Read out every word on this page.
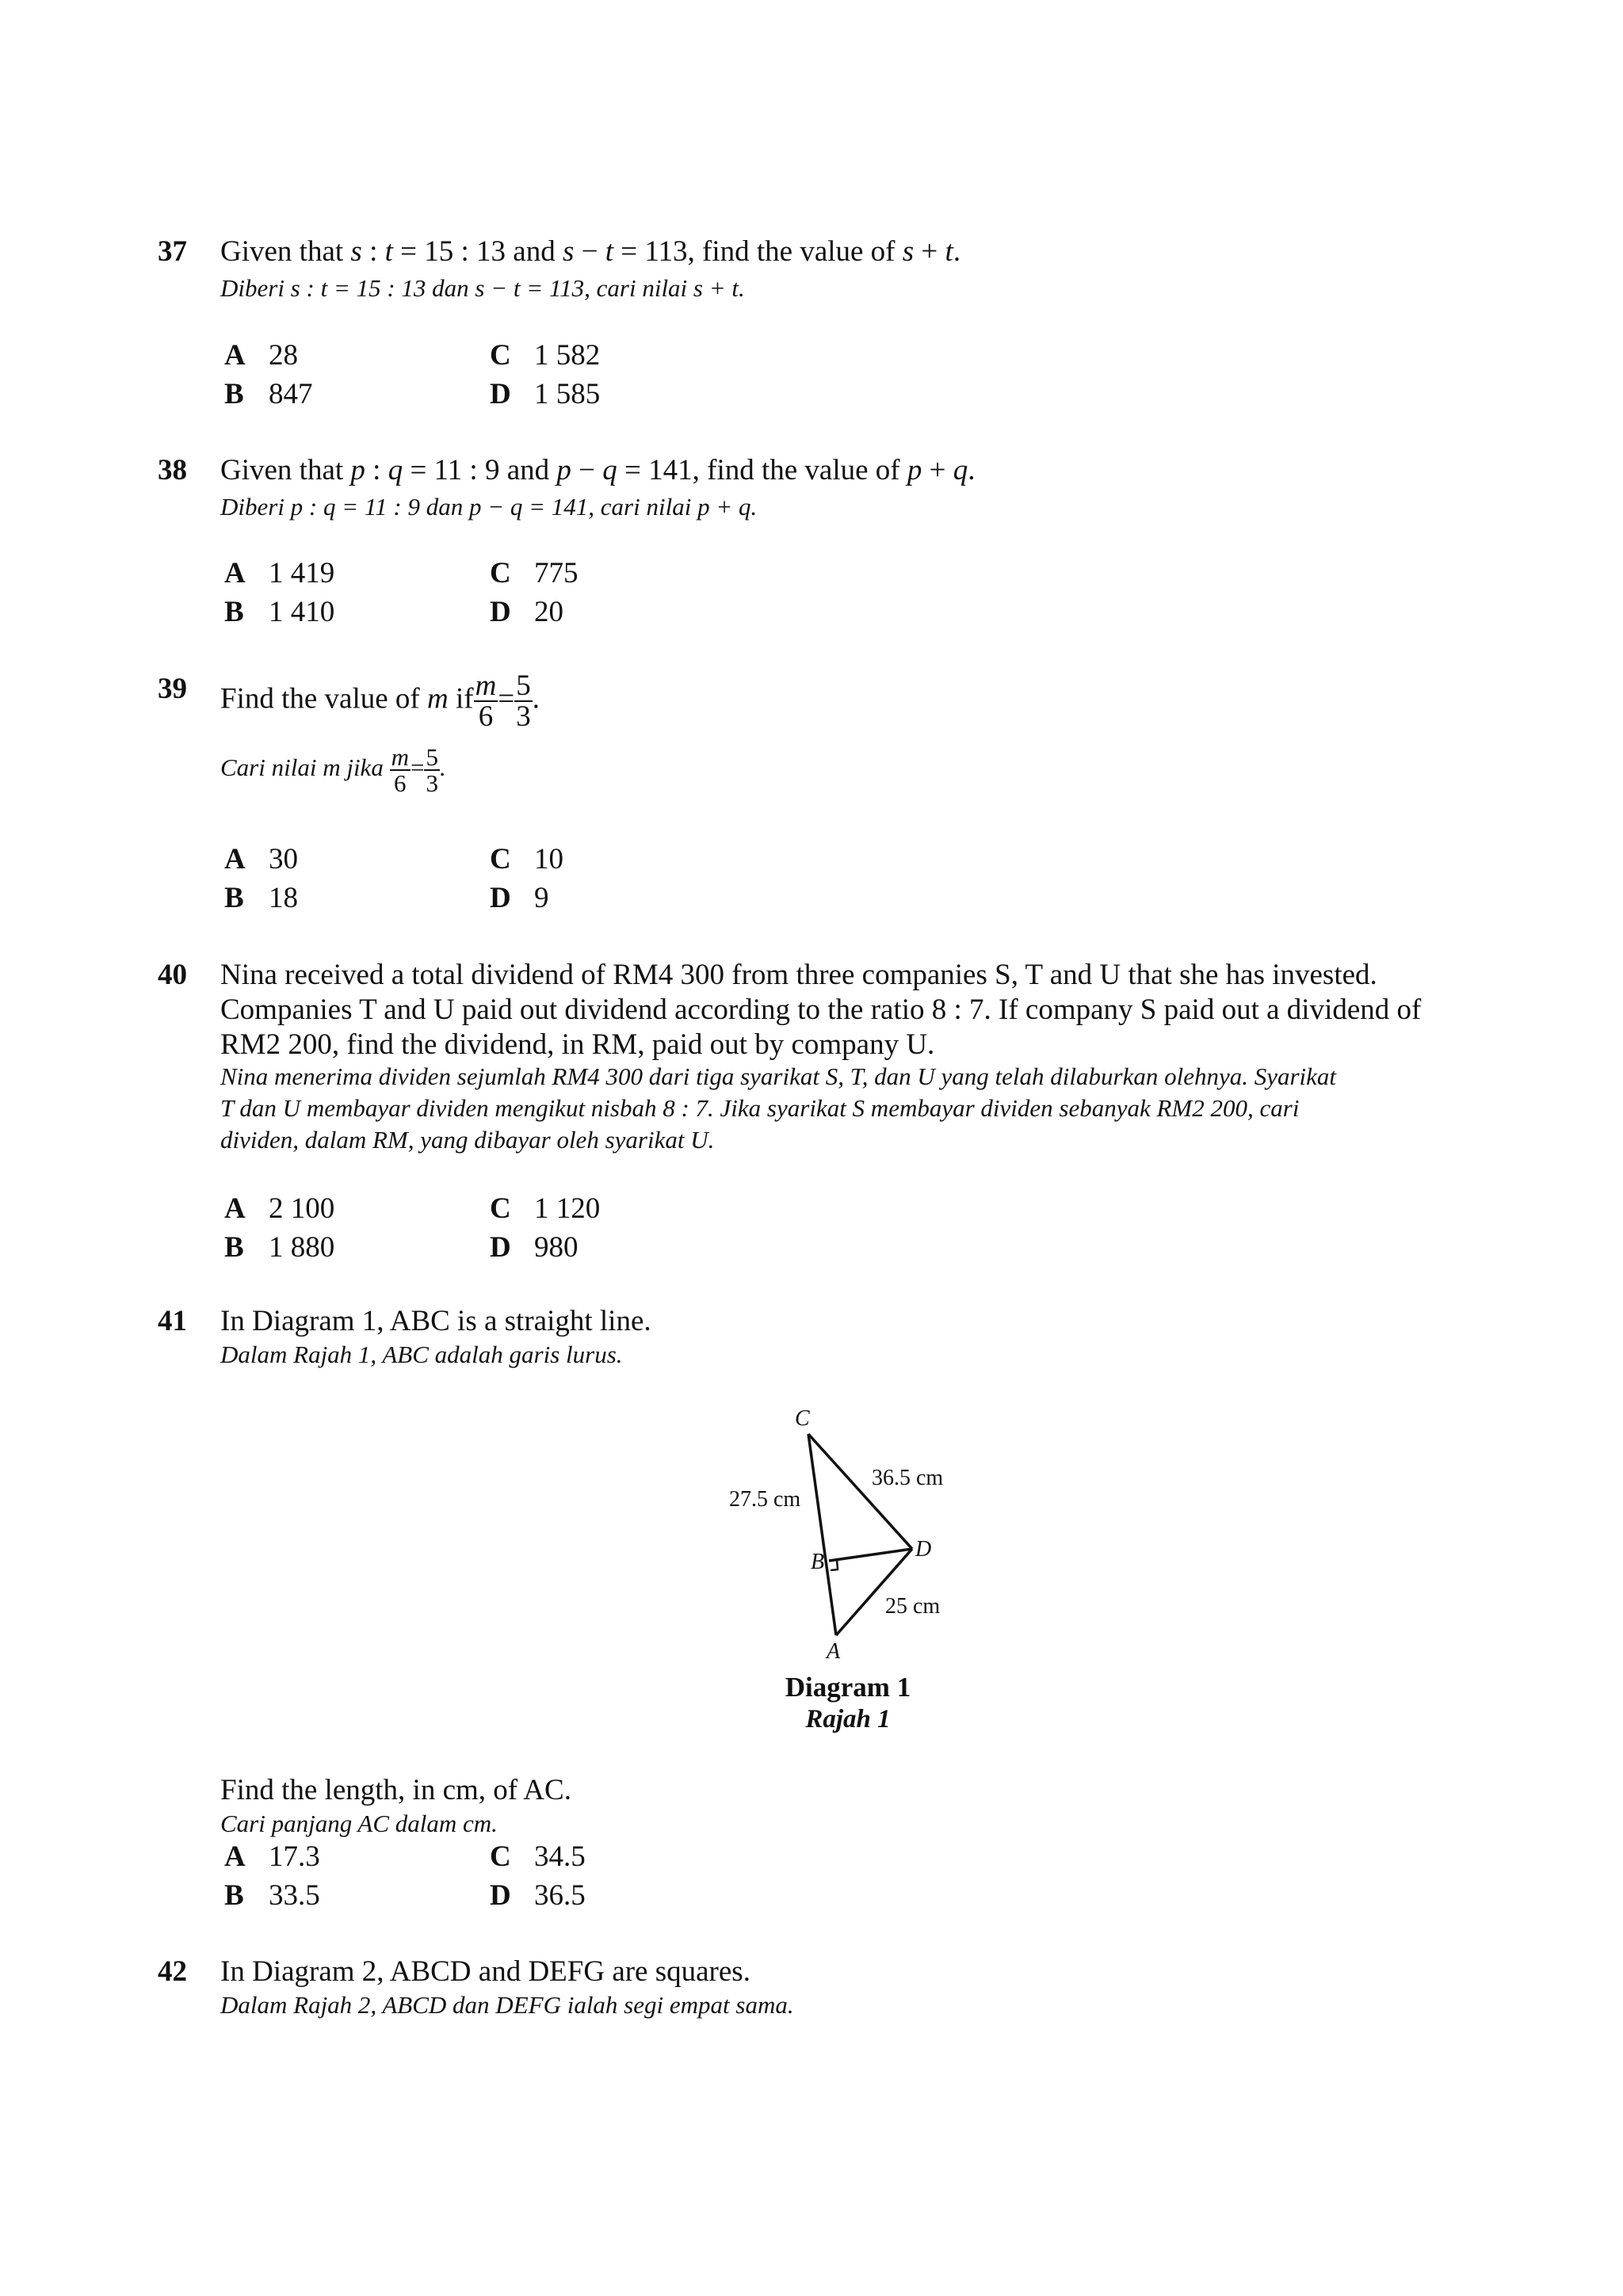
37 Given that s : t = 15 : 13 and s − t = 113, find the value of s + t.
Diberi s : t = 15 : 13 dan s − t = 113, cari nilai s + t.
A 28
B 847
C 1 582
D 1 585
38 Given that p : q = 11 : 9 and p − q = 141, find the value of p + q.
Diberi p : q = 11 : 9 dan p − q = 141, cari nilai p + q.
A 1 419
B 1 410
C 775
D 20
39 Find the value of m if $\frac{m}{6} = \frac{5}{3}$ .
Cari nilai m jika $\frac{m}{6} = \frac{5}{3}$ .
A 30
B 18
C 10
D 9
40 Nina received a total dividend of RM4 300 from three companies S, T and U that she has invested.
Companies T and U paid out dividend according to the ratio 8 : 7. If company S paid out a dividend of
RM2 200, find the dividend, in RM, paid out by company U.
Nina menerima dividen sejumlah RM4 300 dari tiga syarikat S, T, dan U yang telah dilaburkan olehnya. Syarikat
T dan U membayar dividen mengikut nisbah 8 : 7. Jika syarikat S membayar dividen sebanyak RM2 200, cari
dividen, dalam RM, yang dibayar oleh syarikat U.
A 2 100
B 1 880
C 1 120
D 980
41 In Diagram 1, ABC is a straight line.
Dalam Rajah 1, ABC adalah garis lurus.
C
B
D
A
27.5 cm
36.5 cm
25 cm
Diagram 1
Rajah 1
Find the length, in cm, of AC.
Cari panjang AC dalam cm.
A 17.3
B 33.5
C 34.5
D 36.5
42 In Diagram 2, ABCD and DEFG are squares.
Dalam Rajah 2, ABCD dan DEFG ialah segi empat sama.
